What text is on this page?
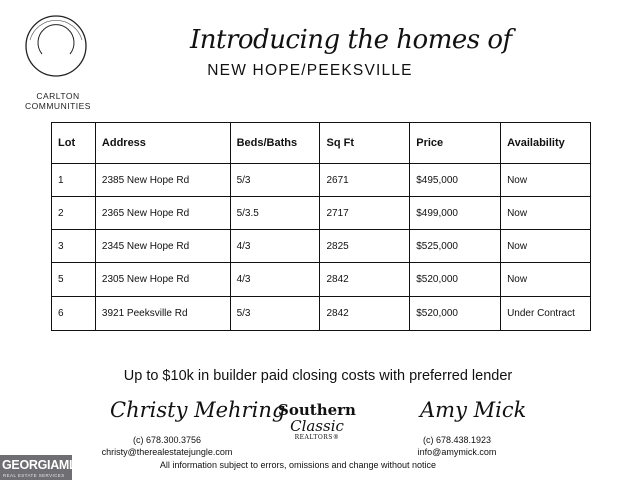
CARLTON
COMMUNITIES
Introducing the homes of
NEW HOPE/PEEKSVILLE
Lot	Address	Beds/Baths	Sq Ft	Price	Availability
1	2385 New Hope Rd	5/3	2671	$495,000	Now
2	2365 New Hope Rd	5/3.5	2717	$499,000	Now
3	2345 New Hope Rd	4/3	2825	$525,000	Now
5	2305 New Hope Rd	4/3	2842	$520,000	Now
6	3921 Peeksville Rd	5/3	2842	$520,000	Under Contract
Up to $10k in builder paid closing costs with preferred lender
Christy Mehring
(c) 678.300.3756
christy@therealestatejungle.com
Southern
Classic
REALTORS®
Amy Mick
(c) 678.438.1923
info@amymick.com
All information subject to errors, omissions and change without notice
GEORGIAMLS
REAL ESTATE SERVICES
